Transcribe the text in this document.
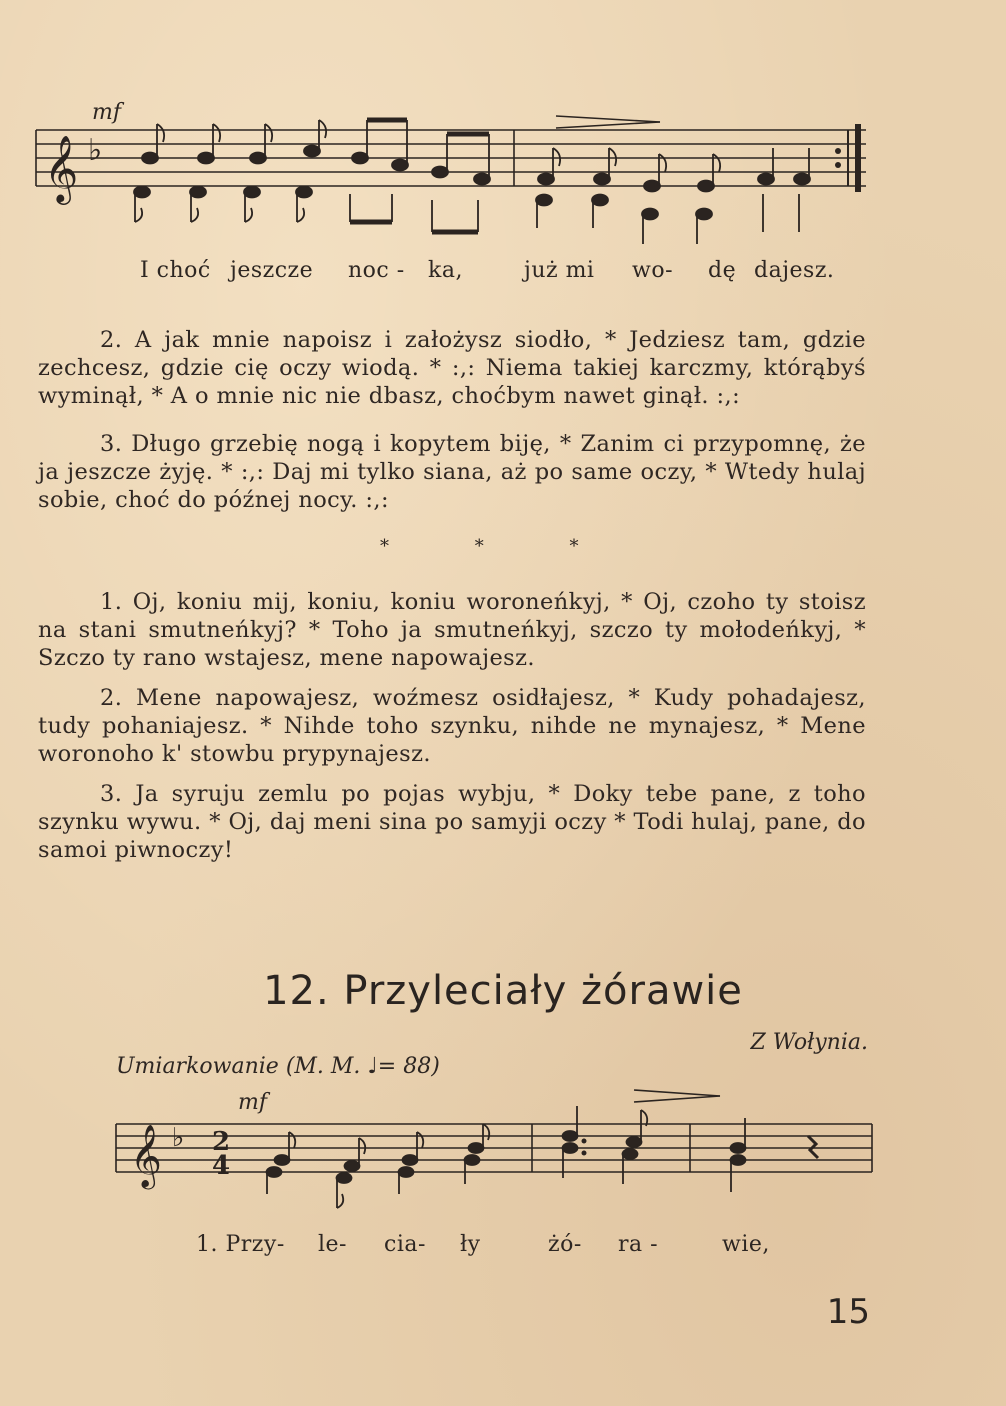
𝄞 ♭
mf
I choć jeszcze noc - ka,	już mi wo- dę dajesz.

2. A jak mnie napoisz i założysz siodło, * Jedziesz tam, gdzie zechcesz, gdzie cię oczy wiodą. * :,: Niema takiej karczmy, którąbyś wyminął, * A o mnie nic nie dbasz, choćbym nawet ginął. :,:

3. Długo grzebię nogą i kopytem biję, * Zanim ci przypomnę, że ja jeszcze żyję. * :,: Daj mi tylko siana, aż po same oczy, * Wtedy hulaj sobie, choć do późnej nocy. :,:

* * *

1. Oj, koniu mij, koniu, koniu woroneńkyj, * Oj, czoho ty stoisz na stani smutneńkyj? * Toho ja smutneńkyj, szczo ty mołodeńkyj, * Szczo ty rano wstajesz, mene napowajesz.

2. Mene napowajesz, woźmesz osidłajesz, * Kudy pohadajesz, tudy pohaniajesz. * Nihde toho szynku, nihde ne mynajesz, * Mene woronoho k' stowbu prypynajesz.

3. Ja syruju zemlu po pojas wybju, * Doky tebe pane, z toho szynku wywu. * Oj, daj meni sina po samyji oczy * Todi hulaj, pane, do samoi piwnoczy!

12. Przyleciały żórawie
Z Wołynia.
Umiarkowanie (M. M. ♩= 88)
mf
𝄞 ♭ 2
4
1. Przy- le- cia- ły	żó- ra -	wie,
15
